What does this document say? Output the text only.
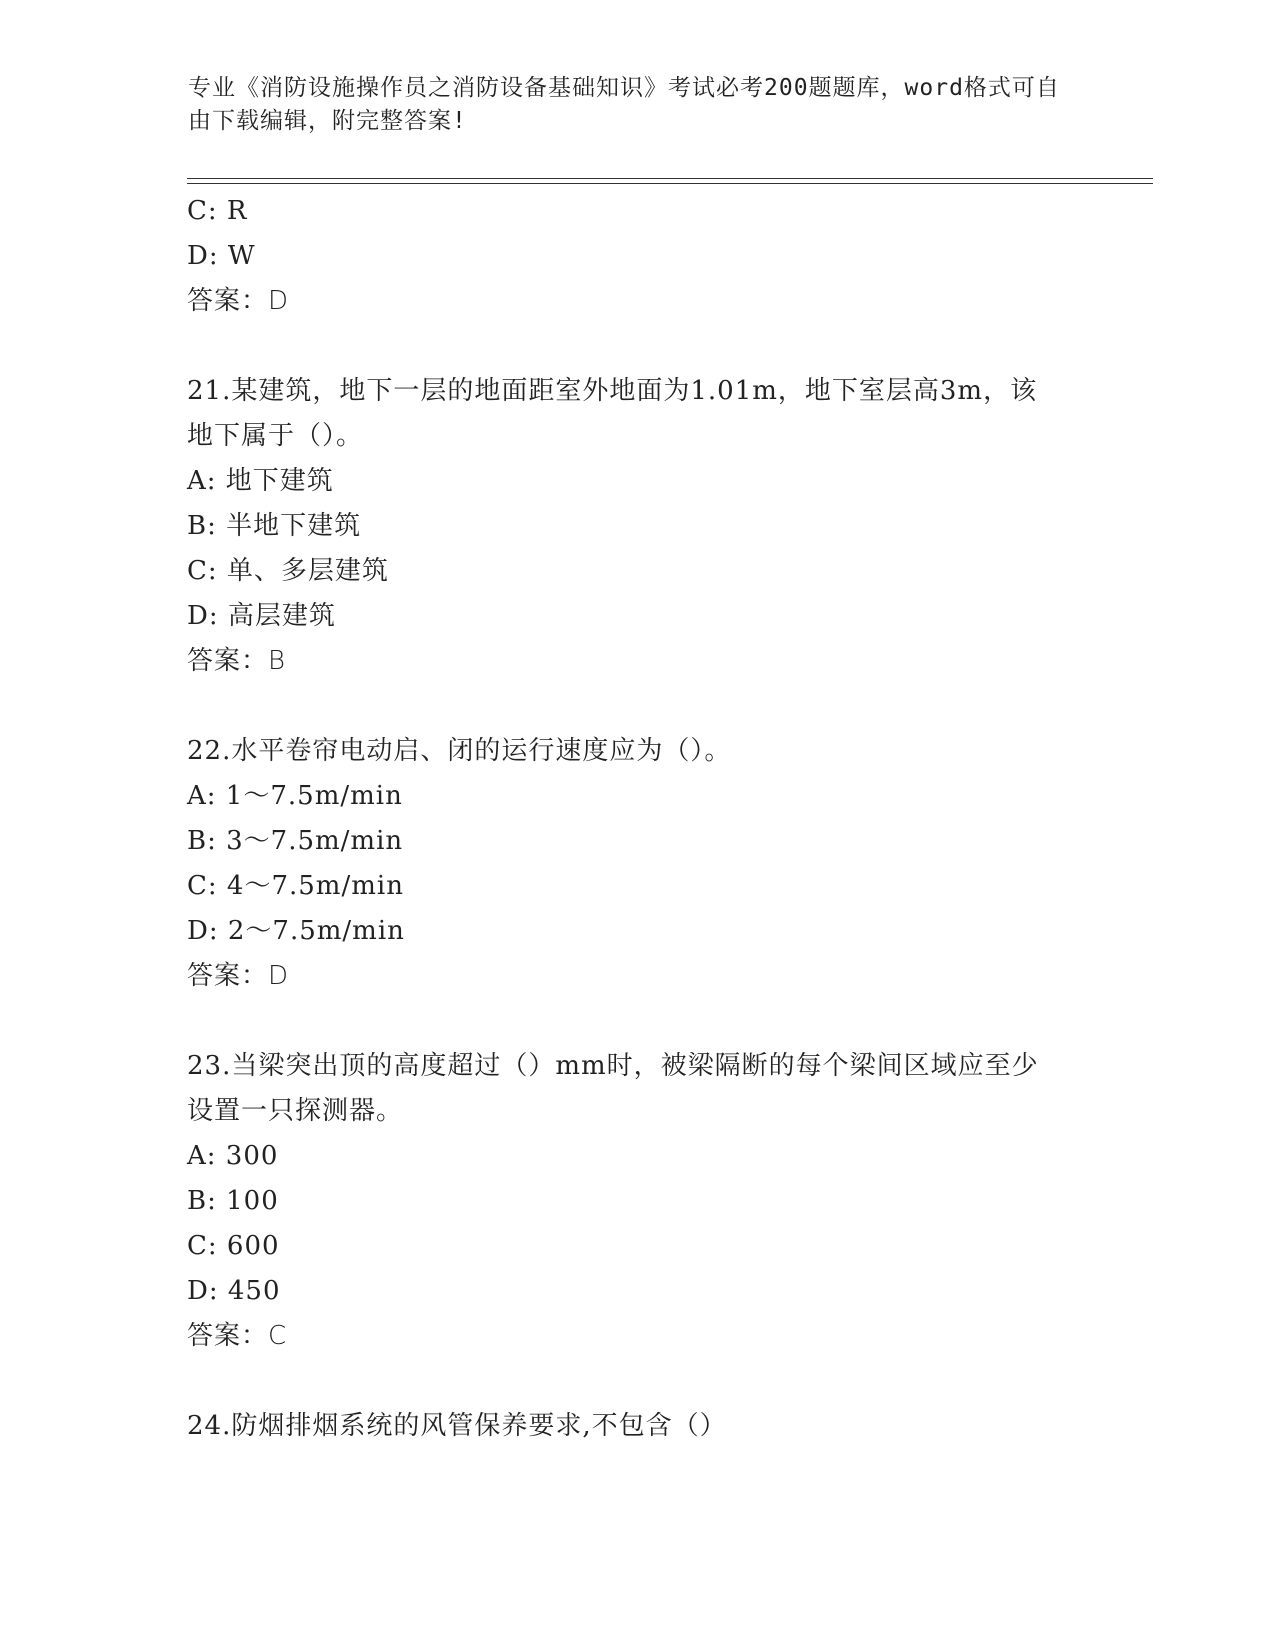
专业《消防设施操作员之消防设备基础知识》考试必考200题题库，word格式可自由下载编辑，附完整答案!
C: R
D: W
答案：D
21.某建筑，地下一层的地面距室外地面为1.01m，地下室层高3m，该
地下属于（）。
A: 地下建筑
B: 半地下建筑
C: 单、多层建筑
D: 高层建筑
答案：B
22.水平卷帘电动启、闭的运行速度应为（）。
A: 1～7.5m/min
B: 3～7.5m/min
C: 4～7.5m/min
D: 2～7.5m/min
答案：D
23.当梁突出顶的高度超过（）mm时，被梁隔断的每个梁间区域应至少
设置一只探测器。
A: 300
B: 100
C: 600
D: 450
答案：C
24.防烟排烟系统的风管保养要求,不包含（）
